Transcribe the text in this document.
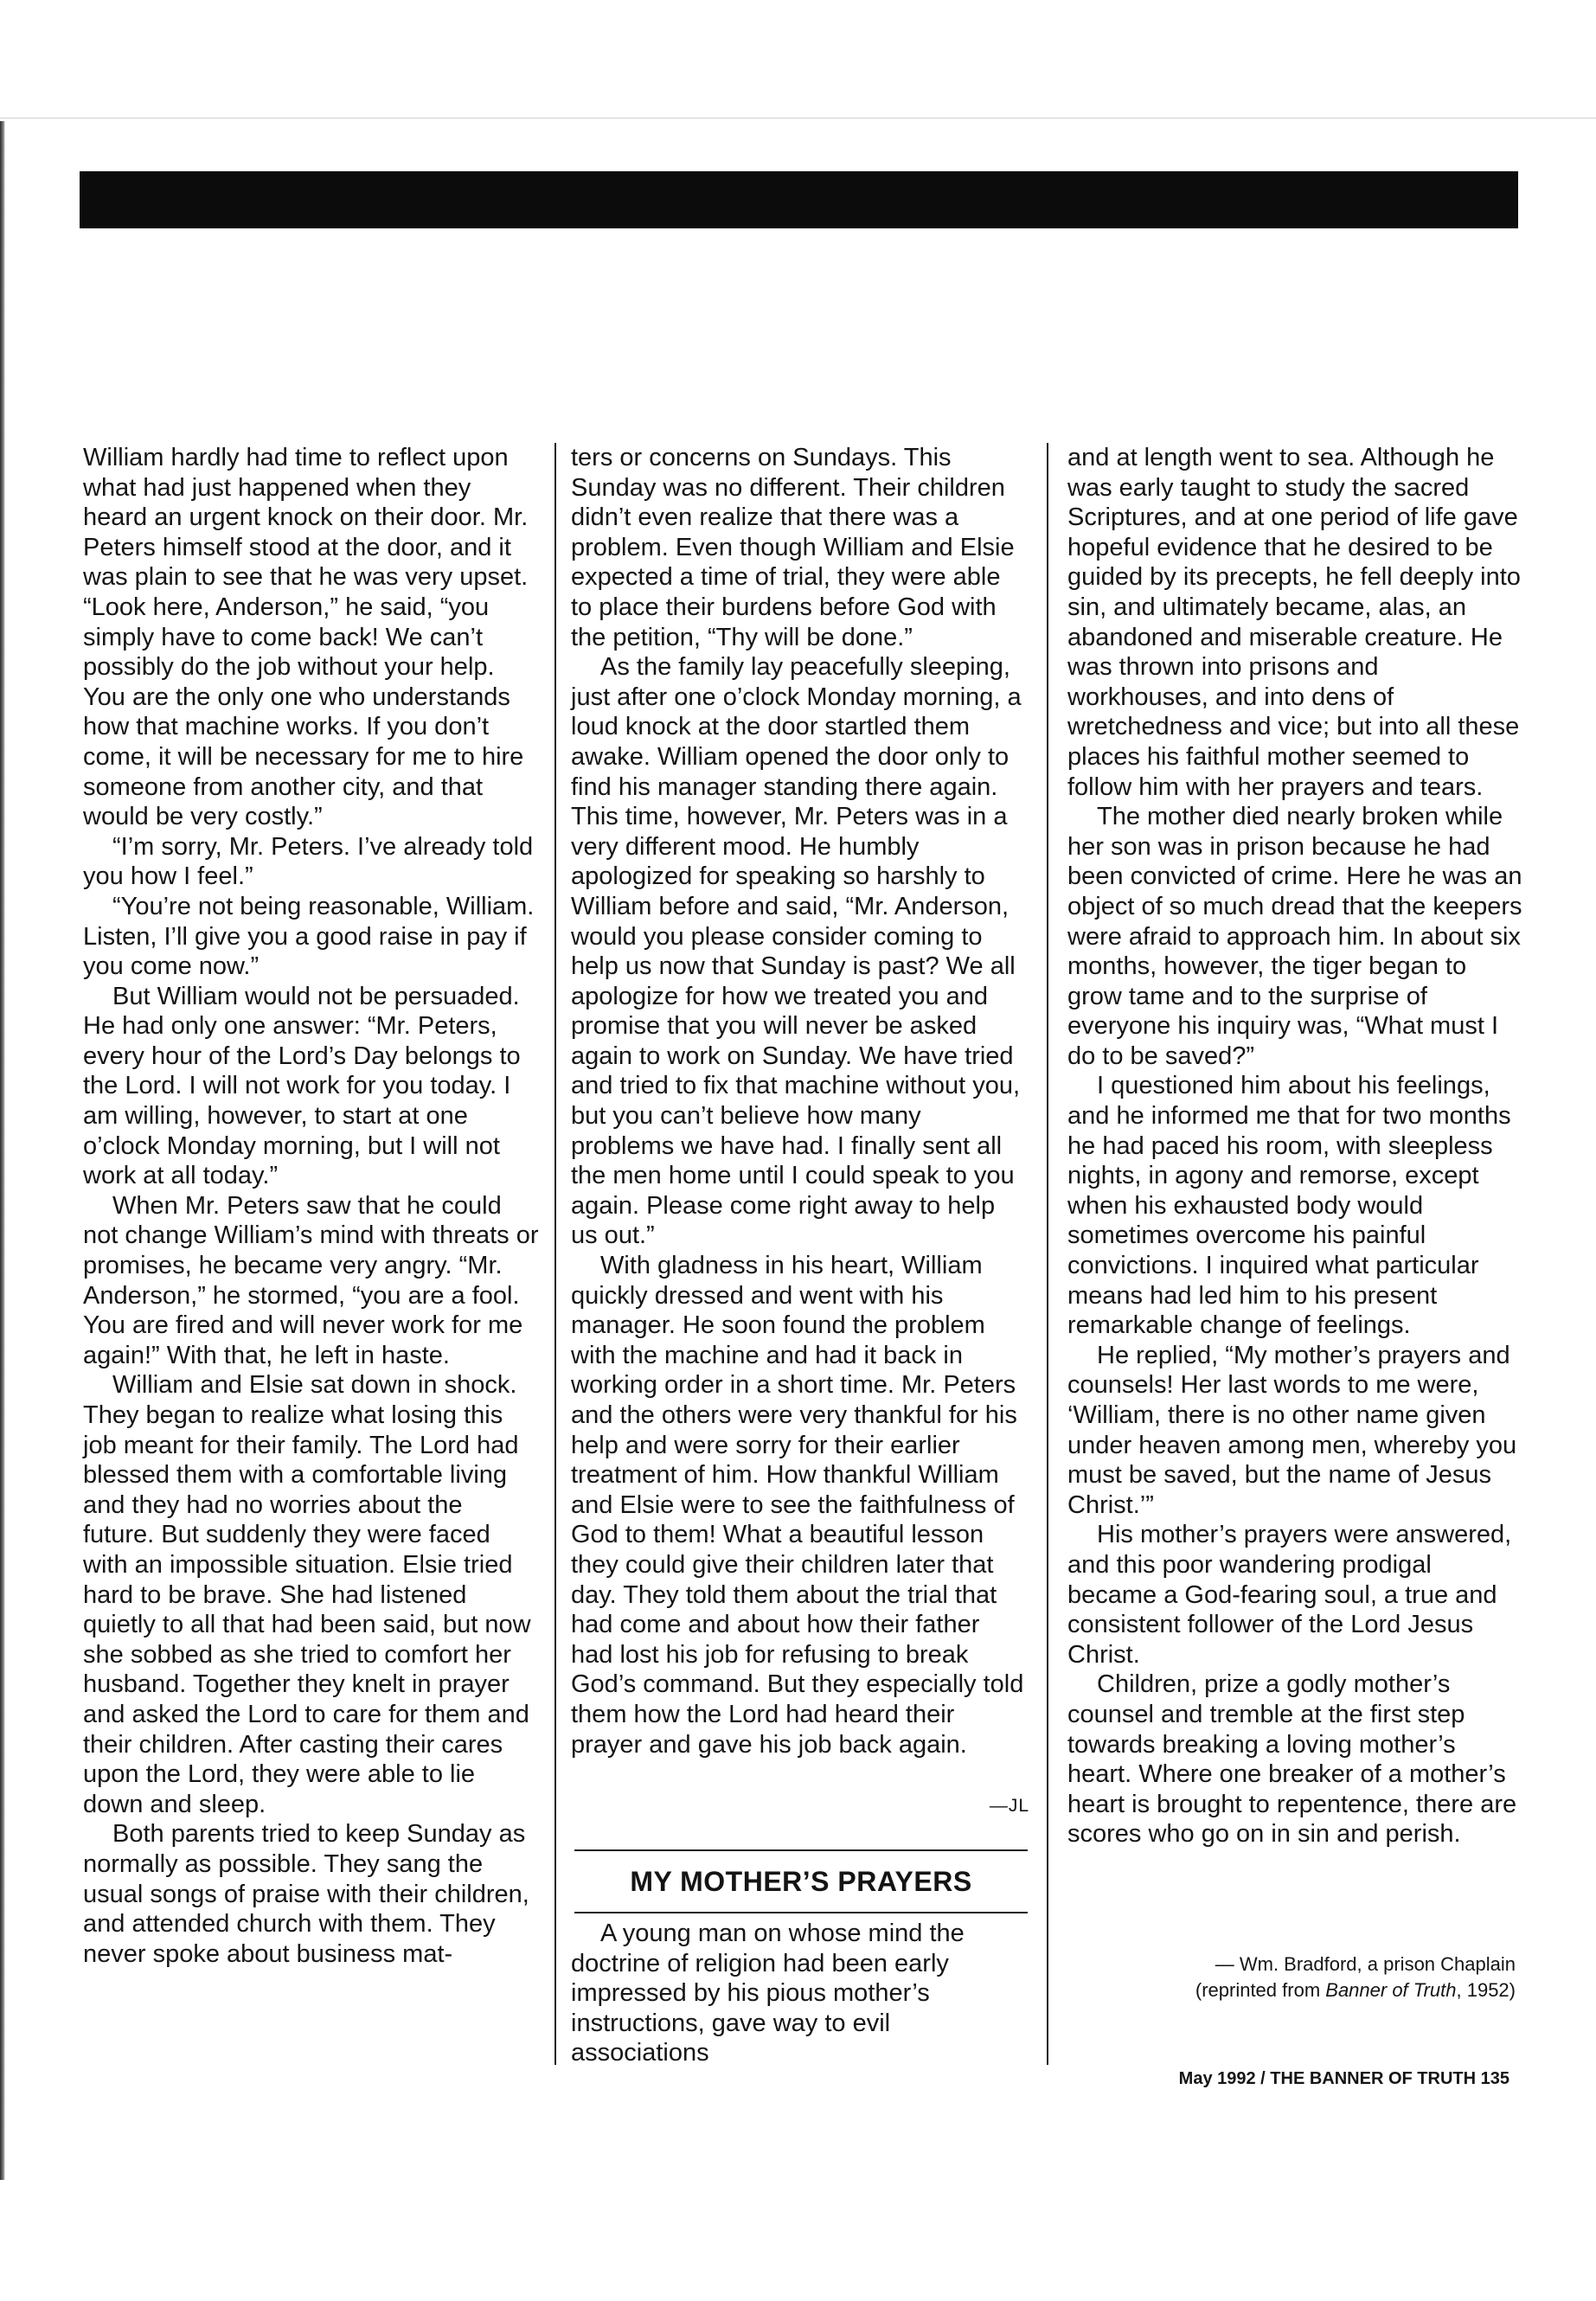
William hardly had time to reflect upon what had just happened when they heard an urgent knock on their door. Mr. Peters himself stood at the door, and it was plain to see that he was very upset. “Look here, Anderson,” he said, “you simply have to come back! We can’t possibly do the job without your help. You are the only one who understands how that machine works. If you don’t come, it will be necessary for me to hire someone from another city, and that would be very costly.”

“I’m sorry, Mr. Peters. I’ve already told you how I feel.”

“You’re not being reasonable, William. Listen, I’ll give you a good raise in pay if you come now.”

But William would not be persuaded. He had only one answer: “Mr. Peters, every hour of the Lord’s Day belongs to the Lord. I will not work for you today. I am willing, however, to start at one o’clock Monday morning, but I will not work at all today.”

When Mr. Peters saw that he could not change William’s mind with threats or promises, he became very angry. “Mr. Anderson,” he stormed, “you are a fool. You are fired and will never work for me again!” With that, he left in haste.

William and Elsie sat down in shock. They began to realize what losing this job meant for their family. The Lord had blessed them with a comfortable living and they had no worries about the future. But suddenly they were faced with an impossible situation. Elsie tried hard to be brave. She had listened quietly to all that had been said, but now she sobbed as she tried to comfort her husband. Together they knelt in prayer and asked the Lord to care for them and their children. After casting their cares upon the Lord, they were able to lie down and sleep.

Both parents tried to keep Sunday as normally as possible. They sang the usual songs of praise with their children, and attended church with them. They never spoke about business mat-

ters or concerns on Sundays. This Sunday was no different. Their children didn’t even realize that there was a problem. Even though William and Elsie expected a time of trial, they were able to place their burdens before God with the petition, “Thy will be done.”

As the family lay peacefully sleeping, just after one o’clock Monday morning, a loud knock at the door startled them awake. William opened the door only to find his manager standing there again. This time, however, Mr. Peters was in a very different mood. He humbly apologized for speaking so harshly to William before and said, “Mr. Anderson, would you please consider coming to help us now that Sunday is past? We all apologize for how we treated you and promise that you will never be asked again to work on Sunday. We have tried and tried to fix that machine without you, but you can’t believe how many problems we have had. I finally sent all the men home until I could speak to you again. Please come right away to help us out.”

With gladness in his heart, William quickly dressed and went with his manager. He soon found the problem with the machine and had it back in working order in a short time. Mr. Peters and the others were very thankful for his help and were sorry for their earlier treatment of him. How thankful William and Elsie were to see the faithfulness of God to them! What a beautiful lesson they could give their children later that day. They told them about the trial that had come and about how their father had lost his job for refusing to break God’s command. But they especially told them how the Lord had heard their prayer and gave his job back again.

—JL
MY MOTHER’S PRAYERS

A young man on whose mind the doctrine of religion had been early impressed by his pious mother’s instructions, gave way to evil associations

and at length went to sea. Although he was early taught to study the sacred Scriptures, and at one period of life gave hopeful evidence that he desired to be guided by its precepts, he fell deeply into sin, and ultimately became, alas, an abandoned and miserable creature. He was thrown into prisons and workhouses, and into dens of wretchedness and vice; but into all these places his faithful mother seemed to follow him with her prayers and tears.

The mother died nearly broken while her son was in prison because he had been convicted of crime. Here he was an object of so much dread that the keepers were afraid to approach him. In about six months, however, the tiger began to grow tame and to the surprise of everyone his inquiry was, “What must I do to be saved?”

I questioned him about his feelings, and he informed me that for two months he had paced his room, with sleepless nights, in agony and remorse, except when his exhausted body would sometimes overcome his painful convictions. I inquired what particular means had led him to his present remarkable change of feelings.

He replied, “My mother’s prayers and counsels! Her last words to me were, ‘William, there is no other name given under heaven among men, whereby you must be saved, but the name of Jesus Christ.’”

His mother’s prayers were answered, and this poor wandering prodigal became a God-fearing soul, a true and consistent follower of the Lord Jesus Christ.

Children, prize a godly mother’s counsel and tremble at the first step towards breaking a loving mother’s heart. Where one breaker of a mother’s heart is brought to repentence, there are scores who go on in sin and perish.

— Wm. Bradford, a prison Chaplain
(reprinted from Banner of Truth, 1952)
May 1992 / THE BANNER OF TRUTH 135
